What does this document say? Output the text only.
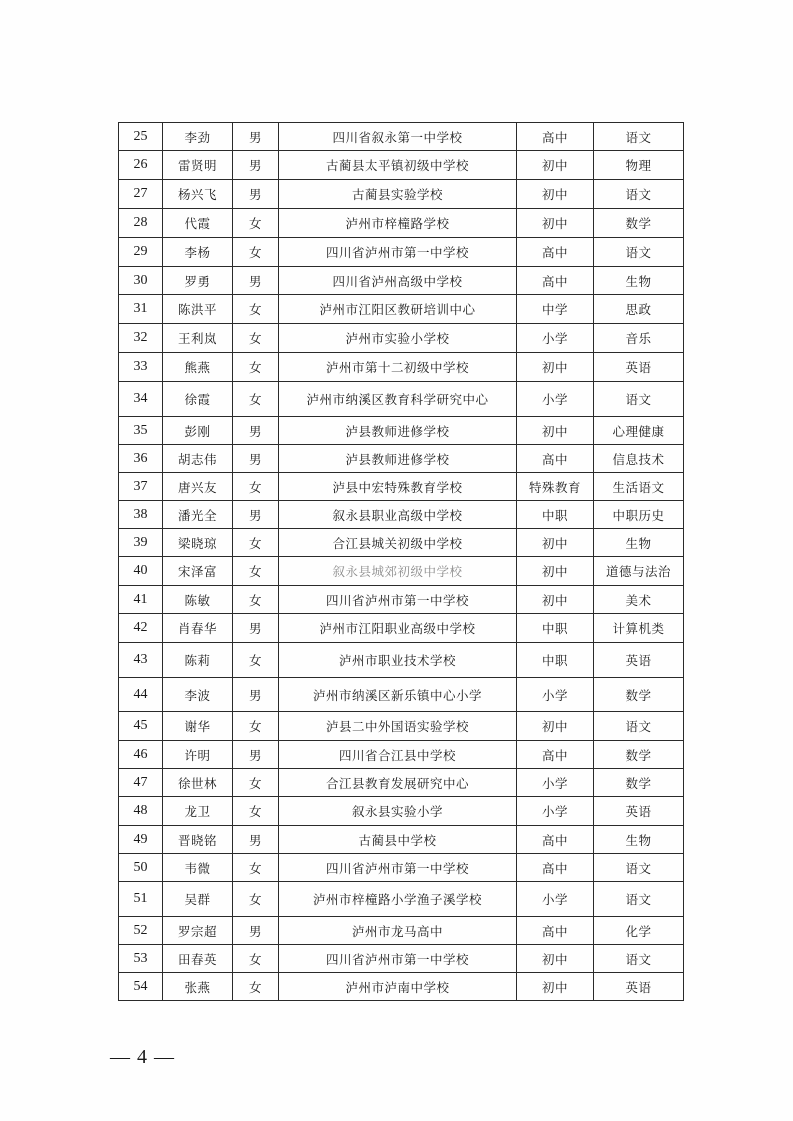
25	李劲	男	四川省叙永第一中学校	高中	语文
26	雷贤明	男	古蔺县太平镇初级中学校	初中	物理
27	杨兴飞	男	古蔺县实验学校	初中	语文
28	代霞	女	泸州市梓橦路学校	初中	数学
29	李杨	女	四川省泸州市第一中学校	高中	语文
30	罗勇	男	四川省泸州高级中学校	高中	生物
31	陈洪平	女	泸州市江阳区教研培训中心	中学	思政
32	王利岚	女	泸州市实验小学校	小学	音乐
33	熊燕	女	泸州市第十二初级中学校	初中	英语
34	徐霞	女	泸州市纳溪区教育科学研究中心	小学	语文
35	彭刚	男	泸县教师进修学校	初中	心理健康
36	胡志伟	男	泸县教师进修学校	高中	信息技术
37	唐兴友	女	泸县中宏特殊教育学校	特殊教育	生活语文
38	潘光全	男	叙永县职业高级中学校	中职	中职历史
39	梁晓琼	女	合江县城关初级中学校	初中	生物
40	宋泽富	女	叙永县城郊初级中学校	初中	道德与法治
41	陈敏	女	四川省泸州市第一中学校	初中	美术
42	肖春华	男	泸州市江阳职业高级中学校	中职	计算机类
43	陈莉	女	泸州市职业技术学校	中职	英语
44	李波	男	泸州市纳溪区新乐镇中心小学	小学	数学
45	谢华	女	泸县二中外国语实验学校	初中	语文
46	许明	男	四川省合江县中学校	高中	数学
47	徐世林	女	合江县教育发展研究中心	小学	数学
48	龙卫	女	叙永县实验小学	小学	英语
49	晋晓铭	男	古蔺县中学校	高中	生物
50	韦微	女	四川省泸州市第一中学校	高中	语文
51	吴群	女	泸州市梓橦路小学渔子溪学校	小学	语文
52	罗宗超	男	泸州市龙马高中	高中	化学
53	田春英	女	四川省泸州市第一中学校	初中	语文
54	张燕	女	泸州市泸南中学校	初中	英语
— 4 —
